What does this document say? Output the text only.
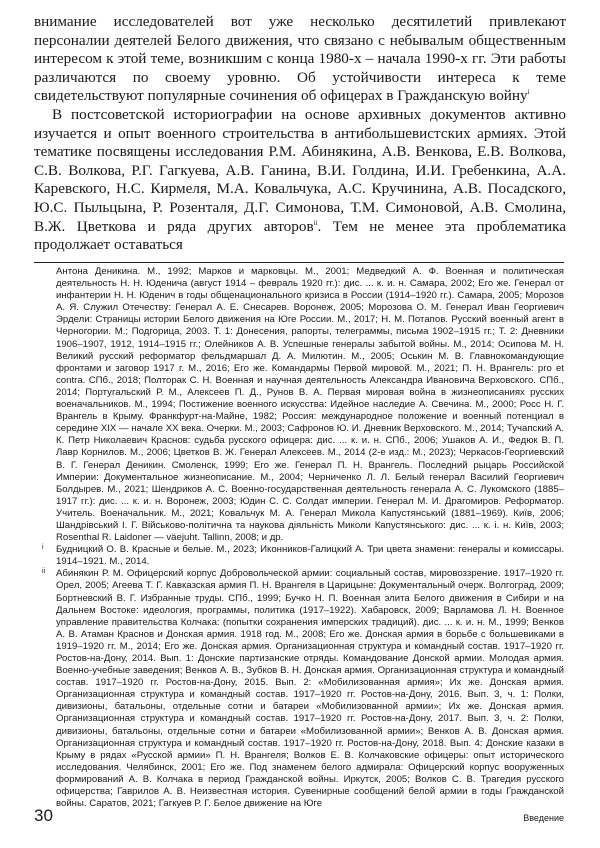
внимание исследователей вот уже несколько десятилетий привлекают персоналии деятелей Белого движения, что связано с небывалым общественным интересом к этой теме, возникшим с конца 1980-х – начала 1990-х гг. Эти работы различаются по своему уровню. Об устойчивости интереса к теме свидетельствуют популярные сочинения об офицерах в Гражданскую войну$^i$

В постсоветской историографии на основе архивных документов активно изучается и опыт военного строительства в антибольшевистских армиях. Этой тематике посвящены исследования Р.М. Абинякина, А.В. Венкова, Е.В. Волкова, С.В. Волкова, Р.Г. Гагкуева, А.В. Ганина, В.И. Голдина, И.И. Гребенкина, А.А. Каревского, Н.С. Кирмеля, М.А. Ковальчука, А.С. Кручинина, А.В. Посадского, Ю.С. Пыльцына, Р. Розенталя, Д.Г. Симонова, Т.М. Симоновой, А.В. Смолина, В.Ж. Цветкова и ряда других авторов$^{ii}$. Тем не менее эта проблематика продолжает оставаться

Антона Деникина. М., 1992; Марков и марковцы. М., 2001; Медведкий А. Ф. Военная и политическая деятельность Н. Н. Юденича (август 1914 – февраль 1920 гг.): дис. ... к. и. н. Самара, 2002; Его же. Генерал от инфантерии Н. Н. Юденич в годы общенационального кризиса в России (1914–1920 гг.). Самара, 2005; Морозов А. Я. Служил Отечеству: Генерал А. Е. Снесарев. Воронеж, 2005; Морозова О. М. Генерал Иван Георгиевич Эрдели: Страницы истории Белого движения на Юге России. М., 2017; Н. М. Потапов. Русский военный агент в Черногории. М.; Подгорица, 2003. Т. 1: Донесения, рапорты, телеграммы, письма 1902–1915 гг.; Т. 2: Дневники 1906–1907, 1912, 1914–1915 гг.; Олейников А. В. Успешные генералы забытой войны. М., 2014; Осипова М. Н. Великий русский реформатор фельдмаршал Д. А. Милютин. М., 2005; Оськин М. В. Главнокомандующие фронтами и заговор 1917 г. М., 2016; Его же. Командармы Первой мировой. М., 2021; П. Н. Врангель: pro et contra. СПб., 2018; Полторак С. Н. Военная и научная деятельность Александра Ивановича Верховского. СПб., 2014; Португальский Р. М., Алексеев П. Д., Рунов В. А. Первая мировая война в жизнеописаниях русских военачальников. М., 1994; Постижение военного искусства: Идейное наследие А. Свечина. М., 2000; Росс Н. Г. Врангель в Крыму. Франкфурт-на-Майне, 1982; Россия: международное положение и военный потенциал в середине XIX — начале XX века. Очерки. М., 2003; Сафронов Ю. И. Дневник Верховского. М., 2014; Тучапский А. К. Петр Николаевич Краснов: судьба русского офицера: дис. ... к. и. н. СПб., 2006; Ушаков А. И., Федюк В. П. Лавр Корнилов. М., 2006; Цветков В. Ж. Генерал Алексеев. М., 2014 (2-е изд.: М., 2023); Черкасов-Георгиевский В. Г. Генерал Деникин. Смоленск, 1999; Его же. Генерал П. Н. Врангель. Последний рыцарь Российской Империи: Документальное жизнеописание. М., 2004; Черниченко Л. Л. Белый генерал Василий Георгиевич Болдырев. М., 2021; Шендриков А. С. Военно-государственная деятельность генерала А. С. Лукомского (1885–1917 гг.): дис. ... к. и. н. Воронеж, 2003; Юдин С. С. Солдат империи. Генерал М. И. Драгомиров. Реформатор. Учитель. Военачальник. М., 2021; Ковальчук М. А. Генерал Микола Капустянський (1881–1969). Київ, 2006; Шандрівський І. Г. Військово-політична та наукова діяльність Миколи Капустянського: дис. ... к. і. н. Київ, 2003; Rosenthal R. Laidoner — väejuht. Tallinn, 2008; и др.

i Будницкий О. В. Красные и белые. М., 2023; Иконников-Галицкий А. Три цвета знамени: генералы и комиссары. 1914–1921. М., 2014.

ii Абинякин Р. М. Офицерский корпус Добровольческой армии: социальный состав, мировоззрение. 1917–1920 гг. Орел, 2005; Агеева Т. Г. Кавказская армия П. Н. Врангеля в Царицыне: Документальный очерк. Волгоград, 2009; Бортневский В. Г. Избранные труды. СПб., 1999; Бучко Н. П. Военная элита Белого движения в Сибири и на Дальнем Востоке: идеология, программы, политика (1917–1922). Хабаровск, 2009; Варламова Л. Н. Военное управление правительства Колчака: (попытки сохранения имперских традиций). дис. ... к. и. н. М., 1999; Венков А. В. Атаман Краснов и Донская армия. 1918 год. М., 2008; Его же. Донская армия в борьбе с большевиками в 1919–1920 гг. М., 2014; Его же. Донская армия. Организационная структура и командный состав. 1917–1920 гг. Ростов-на-Дону, 2014. Вып. 1: Донские партизанские отряды. Командование Донской армии. Молодая армия. Военно-учебные заведения; Венков А. В., Зубков В. Н. Донская армия. Организационная структура и командный состав. 1917–1920 гг. Ростов-на-Дону, 2015. Вып. 2: «Мобилизованная армия»; Их же. Донская армия. Организационная структура и командный состав. 1917–1920 гг. Ростов-на-Дону, 2016. Вып. 3, ч. 1: Полки, дивизионы, батальоны, отдельные сотни и батареи «Мобилизованной армии»; Их же. Донская армия. Организационная структура и командный состав. 1917–1920 гг. Ростов-на-Дону, 2017. Вып. 3, ч. 2: Полки, дивизионы, батальоны, отдельные сотни и батареи «Мобилизованной армии»; Венков А. В. Донская армия. Организационная структура и командный состав. 1917–1920 гг. Ростов-на-Дону, 2018. Вып. 4: Донские казаки в Крыму в рядах «Русской армии» П. Н. Врангеля; Волков Е. В. Колчаковские офицеры: опыт исторического исследования. Челябинск, 2001; Его же. Под знаменем белого адмирала: Офицерский корпус вооруженных формирований А. В. Колчака в период Гражданской войны. Иркутск, 2005; Волков С. В. Трагедия русского офицерства; Гаврилов А. В. Неизвестная история. Сувенирные сообщений белой армии в годы Гражданской войны. Саратов, 2021; Гагкуев Р. Г. Белое движение на Юге

30	Введение
